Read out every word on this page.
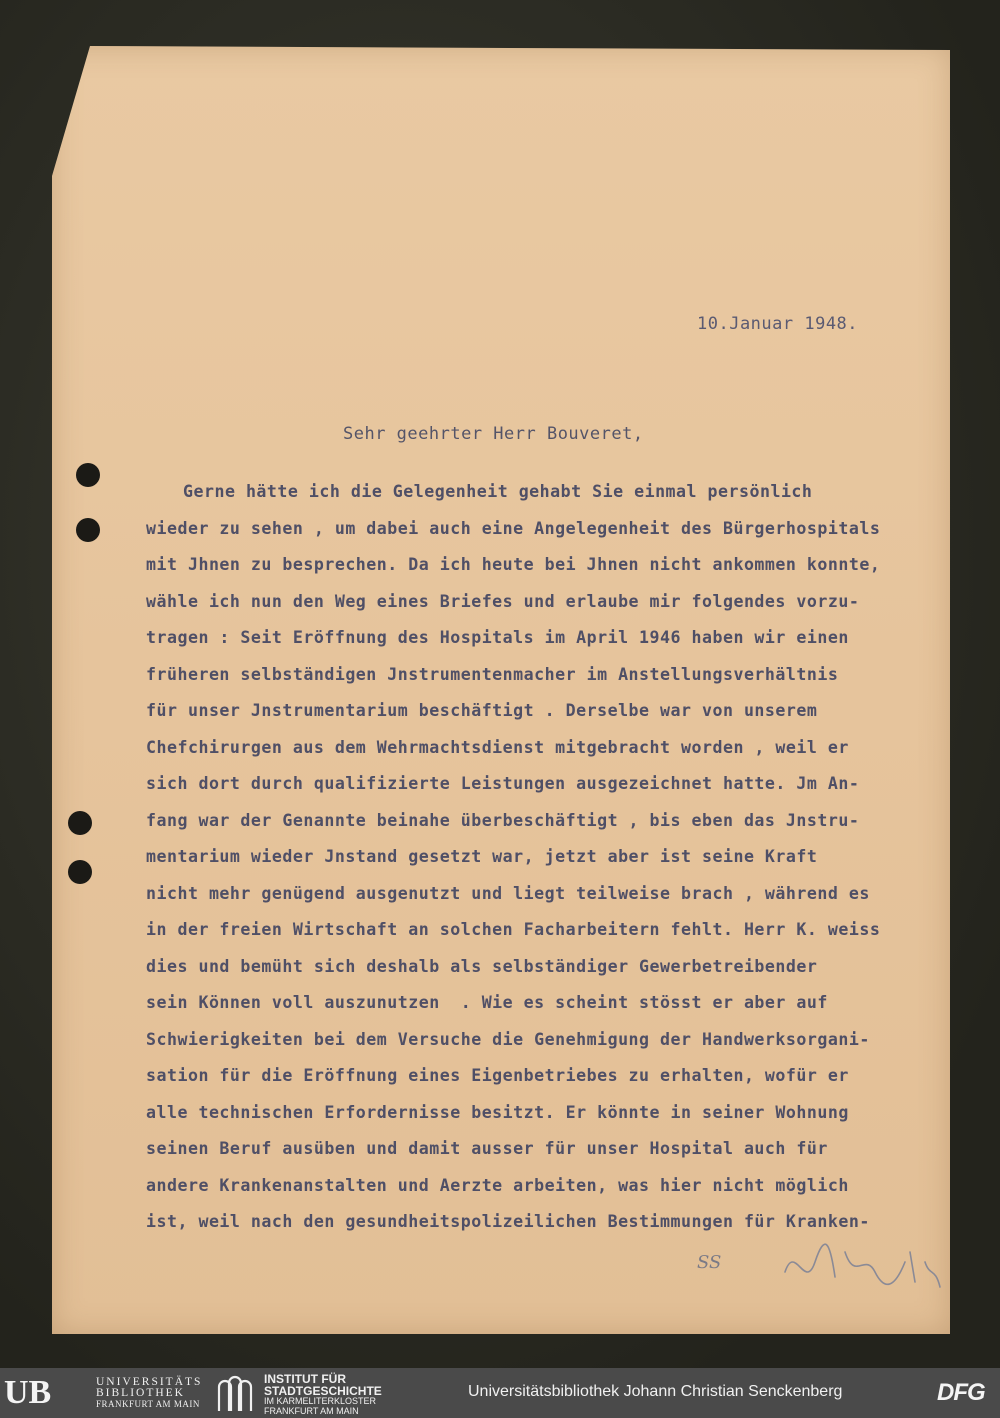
10.Januar 1948.
Sehr geehrter Herr Bouveret,
Gerne hätte ich die Gelegenheit gehabt Sie einmal persönlich
wieder zu sehen , um dabei auch eine Angelegenheit des Bürgerhospitals
mit Jhnen zu besprechen. Da ich heute bei Jhnen nicht ankommen konnte,
wähle ich nun den Weg eines Briefes und erlaube mir folgendes vorzu-
tragen : Seit Eröffnung des Hospitals im April 1946 haben wir einen
früheren selbständigen Jnstrumentenmacher im Anstellungsverhältnis
für unser Jnstrumentarium beschäftigt . Derselbe war von unserem
Chefchirurgen aus dem Wehrmachtsdienst mitgebracht worden , weil er
sich dort durch qualifizierte Leistungen ausgezeichnet hatte. Jm An-
fang war der Genannte beinahe überbeschäftigt , bis eben das Jnstru-
mentarium wieder Jnstand gesetzt war, jetzt aber ist seine Kraft
nicht mehr genügend ausgenutzt und liegt teilweise brach , während es
in der freien Wirtschaft an solchen Facharbeitern fehlt. Herr K. weiss
dies und bemüht sich deshalb als selbständiger Gewerbetreibender
sein Können voll auszunutzen  . Wie es scheint stösst er aber auf
Schwierigkeiten bei dem Versuche die Genehmigung der Handwerksorgani-
sation für die Eröffnung eines Eigenbetriebes zu erhalten, wofür er
alle technischen Erfordernisse besitzt. Er könnte in seiner Wohnung
seinen Beruf ausüben und damit ausser für unser Hospital auch für
andere Krankenanstalten und Aerzte arbeiten, was hier nicht möglich
ist, weil nach den gesundheitspolizeilichen Bestimmungen für Kranken-
SS
UB	UNIVERSITÄTS
BIBLIOTHEK
FRANKFURT AM MAIN
INSTITUT FÜR
STADTGESCHICHTE
IM KARMELITERKLOSTER
FRANKFURT AM MAIN
Universitätsbibliothek Johann Christian Senckenberg	DFG
